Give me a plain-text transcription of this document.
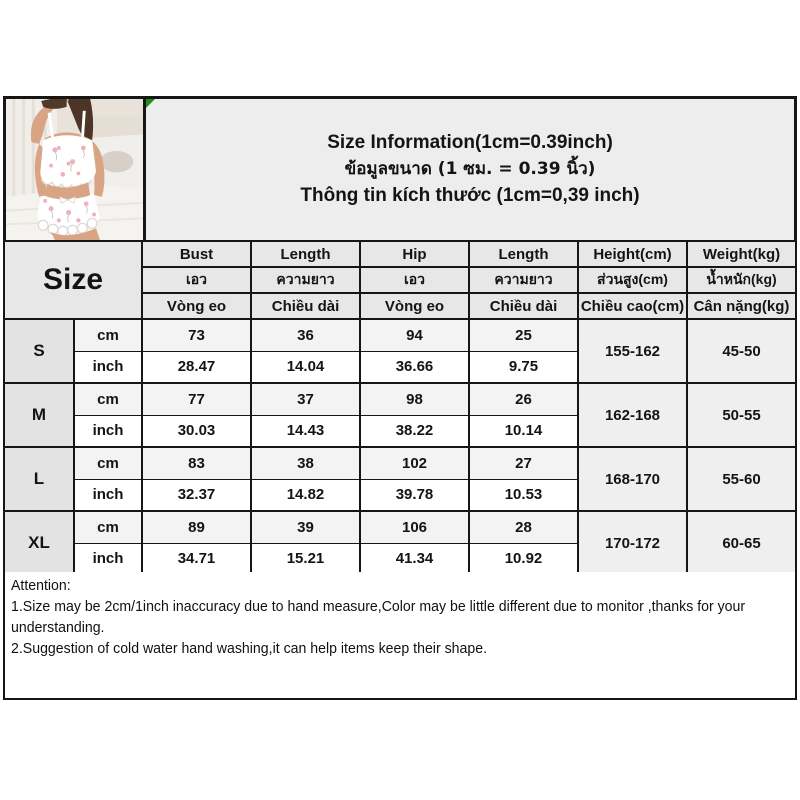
Size Information(1cm=0.39inch)
ข้อมูลขนาด (1 ซม. = 0.39 นิ้ว)
Thông tin kích thước (1cm=0,39 inch)
Size		Bust	Length	Hip	Length	Height(cm)	Weight(kg)
		เอว	ความยาว	เอว	ความยาว	ส่วนสูง(cm)	น้ำหนัก(kg)
		Vòng eo	Chiều dài	Vòng eo	Chiều dài	Chiều cao(cm)	Cân nặng(kg)
S	cm	73	36	94	25	155-162	45-50
	inch	28.47	14.04	36.66	9.75		
M	cm	77	37	98	26	162-168	50-55
	inch	30.03	14.43	38.22	10.14		
L	cm	83	38	102	27	168-170	55-60
	inch	32.37	14.82	39.78	10.53		
XL	cm	89	39	106	28	170-172	60-65
	inch	34.71	15.21	41.34	10.92		
Attention:
1.Size may be 2cm/1inch inaccuracy due to hand measure,Color may be little different due to monitor ,thanks for your understanding.
2.Suggestion of cold water hand washing,it can help items keep their shape.
